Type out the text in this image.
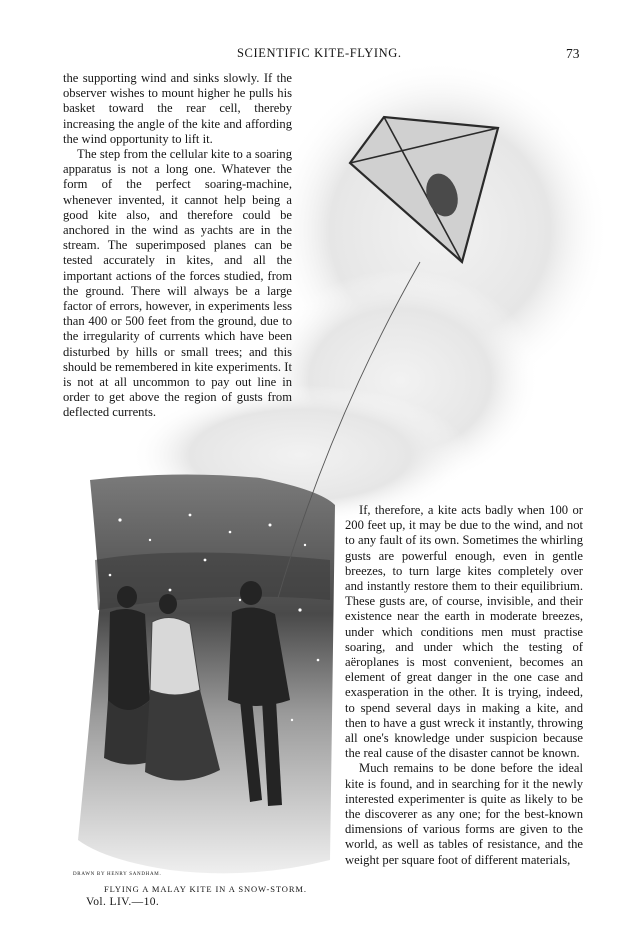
SCIENTIFIC KITE-FLYING.	73

the supporting wind and sinks slowly. If the observer wishes to mount higher he pulls his basket toward the rear cell, thereby increasing the angle of the kite and affording the wind opportunity to lift it.

The step from the cellular kite to a soaring apparatus is not a long one. Whatever the form of the perfect soaring-machine, whenever invented, it cannot help being a good kite also, and therefore could be anchored in the wind as yachts are in the stream. The superimposed planes can be tested accurately in kites, and all the important actions of the forces studied, from the ground. There will always be a large factor of errors, however, in experiments less than 400 or 500 feet from the ground, due to the irregularity of currents which have been disturbed by hills or small trees; and this should be remembered in kite experiments. It is not at all uncommon to pay out line in order to get above the region of gusts from deflected currents.

If, therefore, a kite acts badly when 100 or 200 feet up, it may be due to the wind, and not to any fault of its own. Sometimes the whirling gusts are powerful enough, even in gentle breezes, to turn large kites completely over and instantly restore them to their equilibrium. These gusts are, of course, invisible, and their existence near the earth in moderate breezes, under which conditions men must practise soaring, and under which the testing of aëroplanes is most convenient, becomes an element of great danger in the one case and exasperation in the other. It is trying, indeed, to spend several days in making a kite, and then to have a gust wreck it instantly, throwing all one's knowledge under suspicion because the real cause of the disaster cannot be known.

Much remains to be done before the ideal kite is found, and in searching for it the newly interested experimenter is quite as likely to be the discoverer as any one; for the best-known dimensions of various forms are given to the world, as well as tables of resistance, and the weight per square foot of different materials,

DRAWN BY HENRY SANDHAM.
FLYING A MALAY KITE IN A SNOW-STORM.
Vol. LIV.—10.
